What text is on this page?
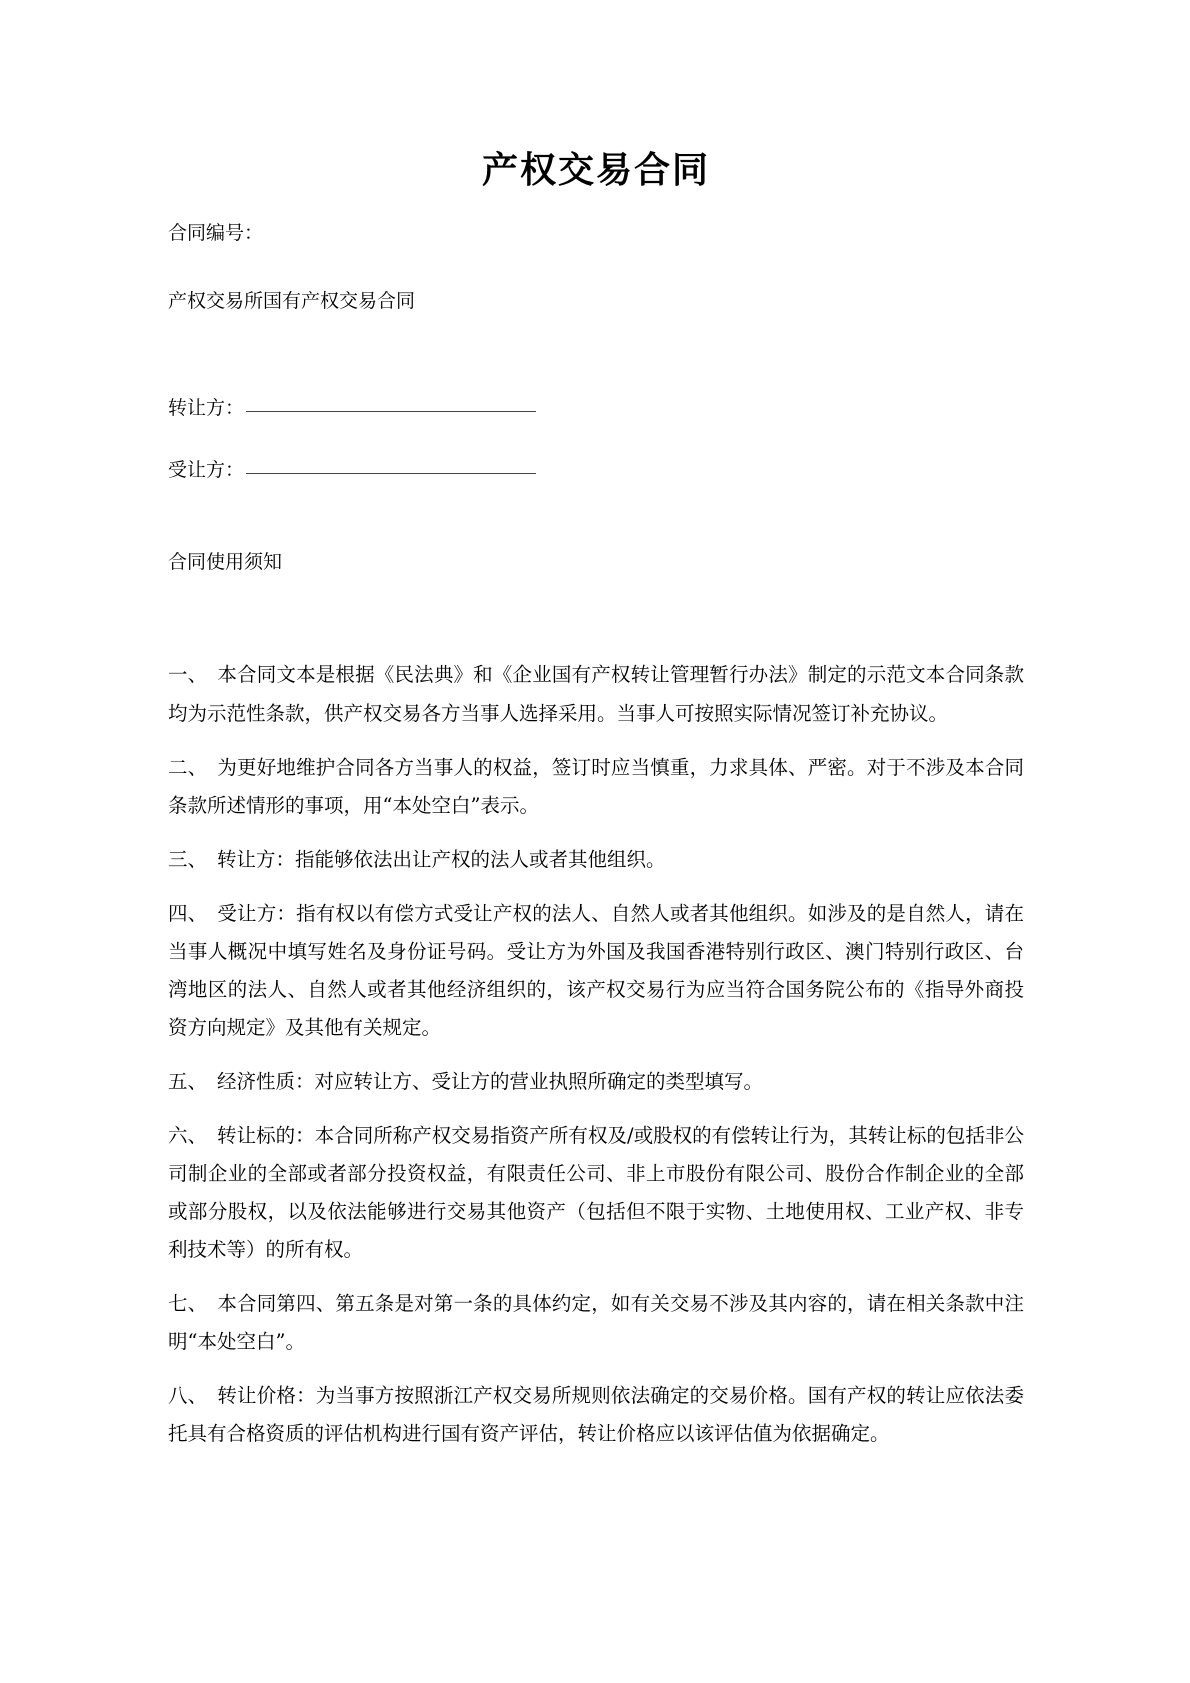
产权交易合同

合同编号：

产权交易所国有产权交易合同

转让方：
受让方：

合同使用须知

一、 本合同文本是根据《民法典》和《企业国有产权转让管理暂行办法》制定的示范文本合同条款均为示范性条款，供产权交易各方当事人选择采用。当事人可按照实际情况签订补充协议。

二、 为更好地维护合同各方当事人的权益，签订时应当慎重，力求具体、严密。对于不涉及本合同条款所述情形的事项，用“本处空白”表示。

三、 转让方：指能够依法出让产权的法人或者其他组织。

四、 受让方：指有权以有偿方式受让产权的法人、自然人或者其他组织。如涉及的是自然人，请在当事人概况中填写姓名及身份证号码。受让方为外国及我国香港特别行政区、澳门特别行政区、台湾地区的法人、自然人或者其他经济组织的，该产权交易行为应当符合国务院公布的《指导外商投资方向规定》及其他有关规定。

五、 经济性质：对应转让方、受让方的营业执照所确定的类型填写。

六、 转让标的：本合同所称产权交易指资产所有权及/或股权的有偿转让行为，其转让标的包括非公司制企业的全部或者部分投资权益，有限责任公司、非上市股份有限公司、股份合作制企业的全部或部分股权，以及依法能够进行交易其他资产（包括但不限于实物、土地使用权、工业产权、非专利技术等）的所有权。

七、 本合同第四、第五条是对第一条的具体约定，如有关交易不涉及其内容的，请在相关条款中注明“本处空白”。

八、 转让价格：为当事方按照浙江产权交易所规则依法确定的交易价格。国有产权的转让应依法委托具有合格资质的评估机构进行国有资产评估，转让价格应以该评估值为依据确定。
